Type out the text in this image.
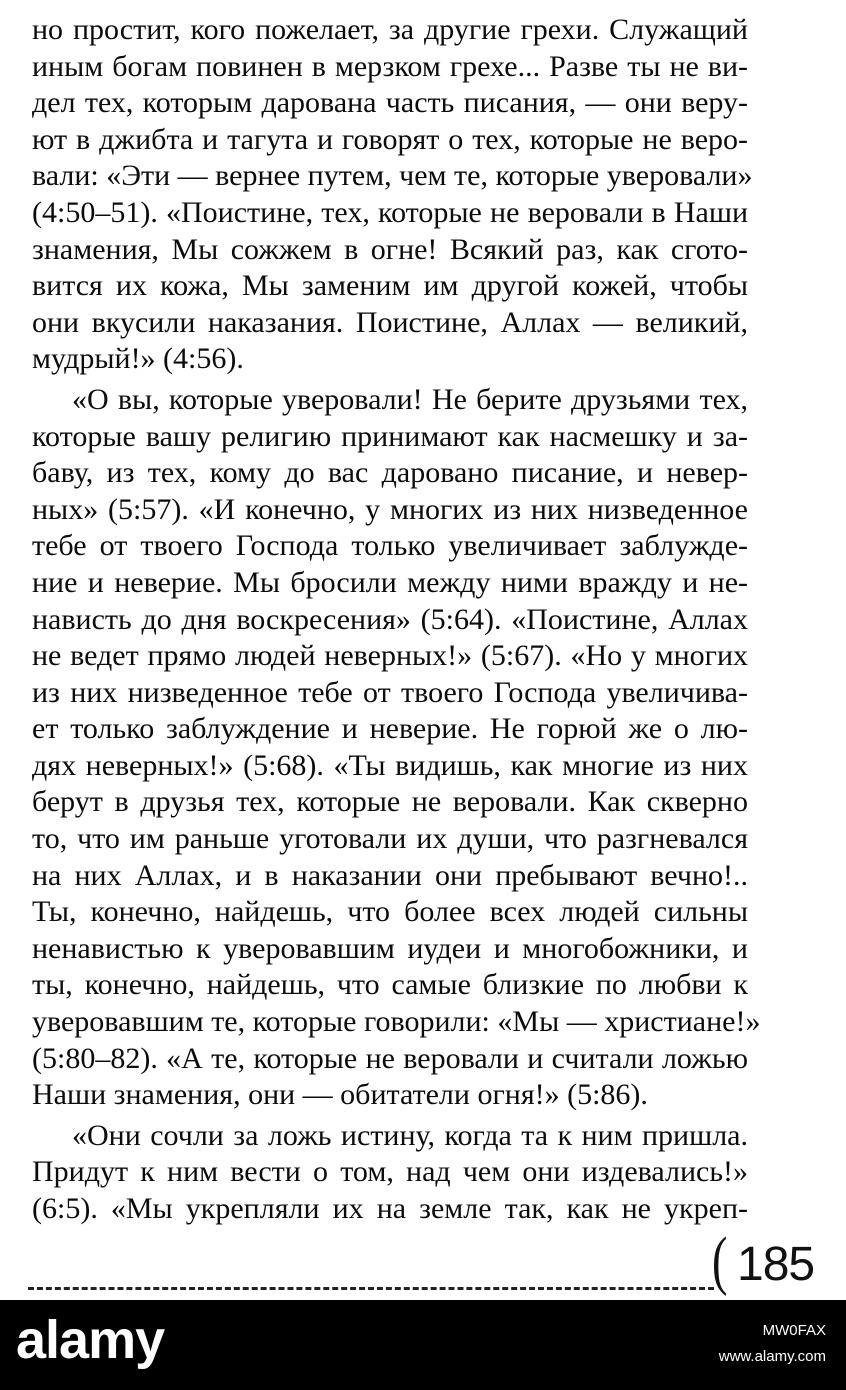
но простит, кого пожелает, за другие грехи. Служащий
иным богам повинен в мерзком грехе... Разве ты не ви-
дел тех, которым дарована часть писания, — они веру-
ют в джибта и тагута и говорят о тех, которые не веро-
вали: «Эти — вернее путем, чем те, которые уверовали»
(4:50–51). «Поистине, тех, которые не веровали в Наши
знамения, Мы сожжем в огне! Всякий раз, как сгото-
вится их кожа, Мы заменим им другой кожей, чтобы
они вкусили наказания. Поистине, Аллах — великий,
мудрый!» (4:56).
«О вы, которые уверовали! Не берите друзьями тех,
которые вашу религию принимают как насмешку и за-
баву, из тех, кому до вас даровано писание, и невер-
ных» (5:57). «И конечно, у многих из них низведенное
тебе от твоего Господа только увеличивает заблужде-
ние и неверие. Мы бросили между ними вражду и не-
нависть до дня воскресения» (5:64). «Поистине, Аллах
не ведет прямо людей неверных!» (5:67). «Но у многих
из них низведенное тебе от твоего Господа увеличива-
ет только заблуждение и неверие. Не горюй же о лю-
дях неверных!» (5:68). «Ты видишь, как многие из них
берут в друзья тех, которые не веровали. Как скверно
то, что им раньше уготовали их души, что разгневался
на них Аллах, и в наказании они пребывают вечно!..
Ты, конечно, найдешь, что более всех людей сильны
ненавистью к уверовавшим иудеи и многобожники, и
ты, конечно, найдешь, что самые близкие по любви к
уверовавшим те, которые говорили: «Мы — христиане!»
(5:80–82). «А те, которые не веровали и считали ложью
Наши знамения, они — обитатели огня!» (5:86).
«Они сочли за ложь истину, когда та к ним пришла.
Придут к ним вести о том, над чем они издевались!»
(6:5). «Мы укрепляли их на земле так, как не укреп-
( 185
alamy	MW0FAX
www.alamy.com
